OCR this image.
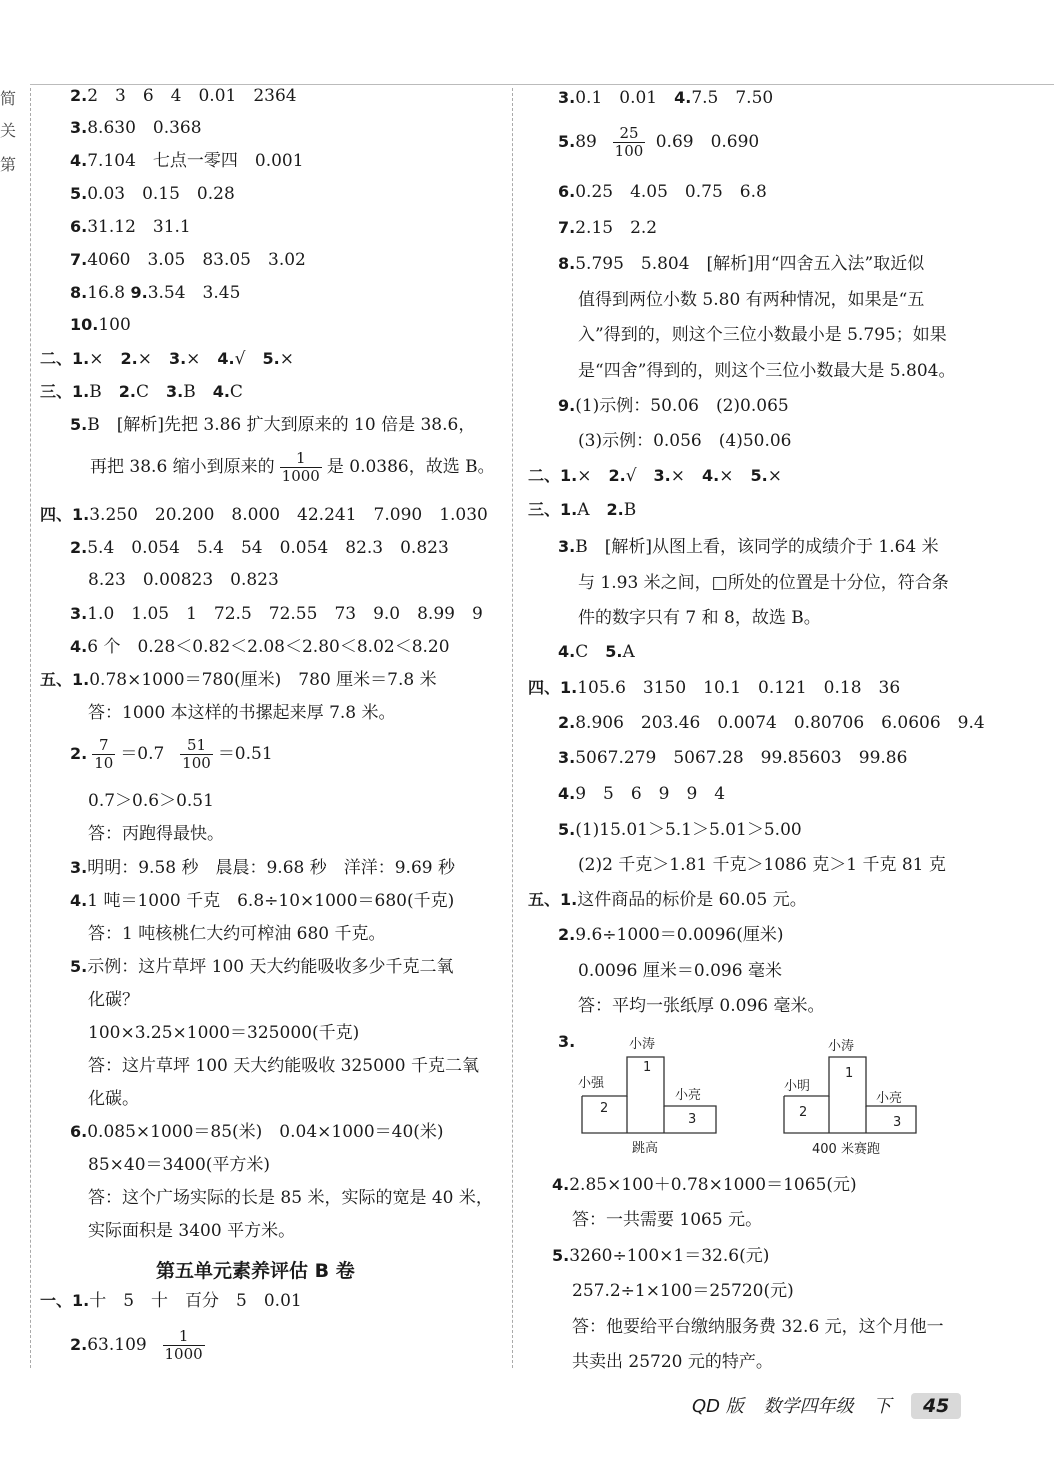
简
关
第
2.2　3　6　4　0.01　2364
3.8.630　0.368
4.7.104　七点一零四　0.001
5.0.03　0.15　0.28
6.31.12　31.1
7.4060　3.05　83.05　3.02
8.16.8 9.3.54　3.45
10.100
二、1.×　2.×　3.×　4.√　5.×
三、1.B　2.C　3.B　4.C
5.B　[解析]先把 3.86 扩大到原来的 10 倍是 38.6，
再把 38.6 缩小到原来的 $\frac{1}{1000}$ 是 0.0386，故选 B。
四、1.3.250　20.200　8.000　42.241　7.090　1.030
2.5.4　0.054　5.4　54　0.054　82.3　0.823
8.23　0.00823　0.823
3.1.0　1.05　1　72.5　72.55　73　9.0　8.99　9
4.6 个　0.28＜0.82＜2.08＜2.80＜8.02＜8.20
五、1.0.78×1000＝780(厘米)　780 厘米＝7.8 米
答：1000 本这样的书摞起来厚 7.8 米。
2. $\frac{7}{10} =0.7 \frac{51}{100} =0.51$
0.7＞0.6＞0.51
答：丙跑得最快。
3.明明：9.58 秒　晨晨：9.68 秒　洋洋：9.69 秒
4.1 吨＝1000 千克　6.8÷10×1000＝680(千克)
答：1 吨核桃仁大约可榨油 680 千克。
5.示例：这片草坪 100 天大约能吸收多少千克二氧
化碳？
100×3.25×1000＝325000(千克)
答：这片草坪 100 天大约能吸收 325000 千克二氧
化碳。
6.0.085×1000＝85(米)　0.04×1000＝40(米)
85×40＝3400(平方米)
答：这个广场实际的长是 85 米，实际的宽是 40 米，
实际面积是 3400 平方米。
第五单元素养评估 B 卷
一、1.十　5　十　百分　5　0.01
$2.63.109 \frac{1}{1000}$
3.0.1　0.01　4.7.5　7.50
$5.89 \frac{25}{100} 0.69$　0.690
6.0.25　4.05　0.75　6.8
7.2.15　2.2
8.5.795　5.804　[解析]用“四舍五入法”取近似
值得到两位小数 5.80 有两种情况，如果是“五
入”得到的，则这个三位小数最小是 5.795；如果
是“四舍”得到的，则这个三位小数最大是 5.804。
9.(1)示例：50.06　(2)0.065
(3)示例：0.056　(4)50.06
二、1.×　2.√　3.×　4.×　5.×
三、1.A　2.B
3.B　[解析]从图上看，该同学的成绩介于 1.64 米
与 1.93 米之间，□所处的位置是十分位，符合条
件的数字只有 7 和 8，故选 B。
4.C　5.A
四、1.105.6　3150　10.1　0.121　0.18　36
2.8.906　203.46　0.0074　0.80706　6.0606　9.4
3.5067.279　5067.28　99.85603　99.86
4.9　5　6　9　9　4
5.(1)15.01＞5.1＞5.01＞5.00
(2)2 千克＞1.81 千克＞1086 克＞1 千克 81 克
五、1.这件商品的标价是 60.05 元。
2.9.6÷1000＝0.0096(厘米)
0.0096 厘米＝0.096 毫米
答：平均一张纸厚 0.096 毫米。
3.	小涛
小强
小亮
1
2
3
跳高
小涛
小明
小亮
1
2
3
400 米赛跑
4.2.85×100＋0.78×1000＝1065(元)
答：一共需要 1065 元。
5.3260÷100×1＝32.6(元)
257.2÷1×100＝25720(元)
答：他要给平台缴纳服务费 32.6 元，这个月他一
共卖出 25720 元的特产。
QD 版 数学四年级 下 45
